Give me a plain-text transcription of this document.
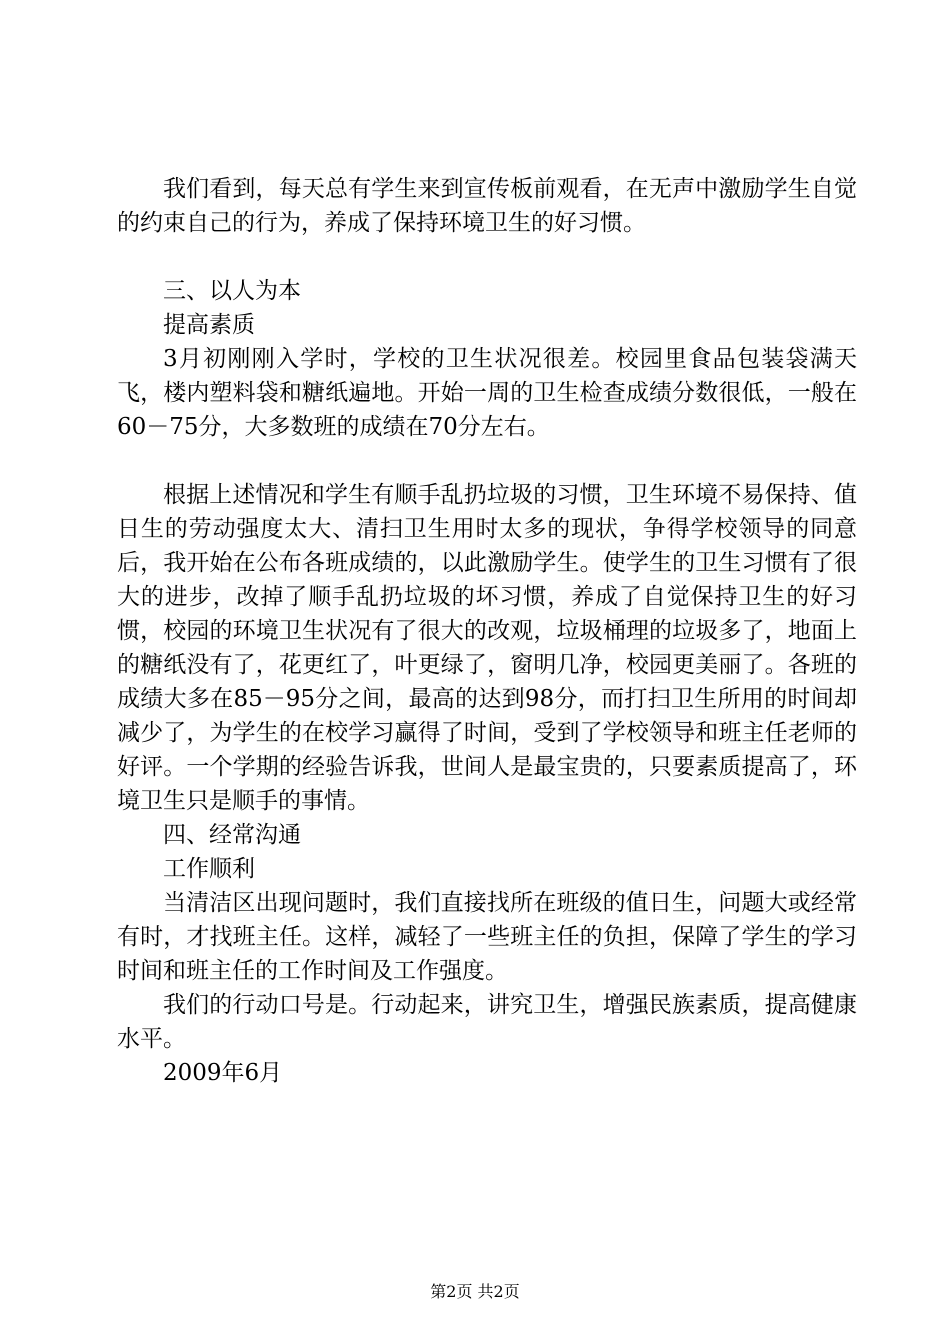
我们看到，每天总有学生来到宣传板前观看，在无声中激励学生自觉的约束自己的行为，养成了保持环境卫生的好习惯。

三、以人为本

提高素质

3月初刚刚入学时，学校的卫生状况很差。校园里食品包装袋满天飞，楼内塑料袋和糖纸遍地。开始一周的卫生检查成绩分数很低，一般在60－75分，大多数班的成绩在70分左右。

根据上述情况和学生有顺手乱扔垃圾的习惯，卫生环境不易保持、值日生的劳动强度太大、清扫卫生用时太多的现状，争得学校领导的同意后，我开始在公布各班成绩的，以此激励学生。使学生的卫生习惯有了很大的进步，改掉了顺手乱扔垃圾的坏习惯，养成了自觉保持卫生的好习惯，校园的环境卫生状况有了很大的改观，垃圾桶理的垃圾多了，地面上的糖纸没有了，花更红了，叶更绿了，窗明几净，校园更美丽了。各班的成绩大多在85－95分之间，最高的达到98分，而打扫卫生所用的时间却减少了，为学生的在校学习赢得了时间，受到了学校领导和班主任老师的好评。一个学期的经验告诉我，世间人是最宝贵的，只要素质提高了，环境卫生只是顺手的事情。

四、经常沟通

工作顺利

当清洁区出现问题时，我们直接找所在班级的值日生，问题大或经常有时，才找班主任。这样，减轻了一些班主任的负担，保障了学生的学习时间和班主任的工作时间及工作强度。

我们的行动口号是。行动起来，讲究卫生，增强民族素质，提高健康水平。

2009年6月

第2页 共2页
